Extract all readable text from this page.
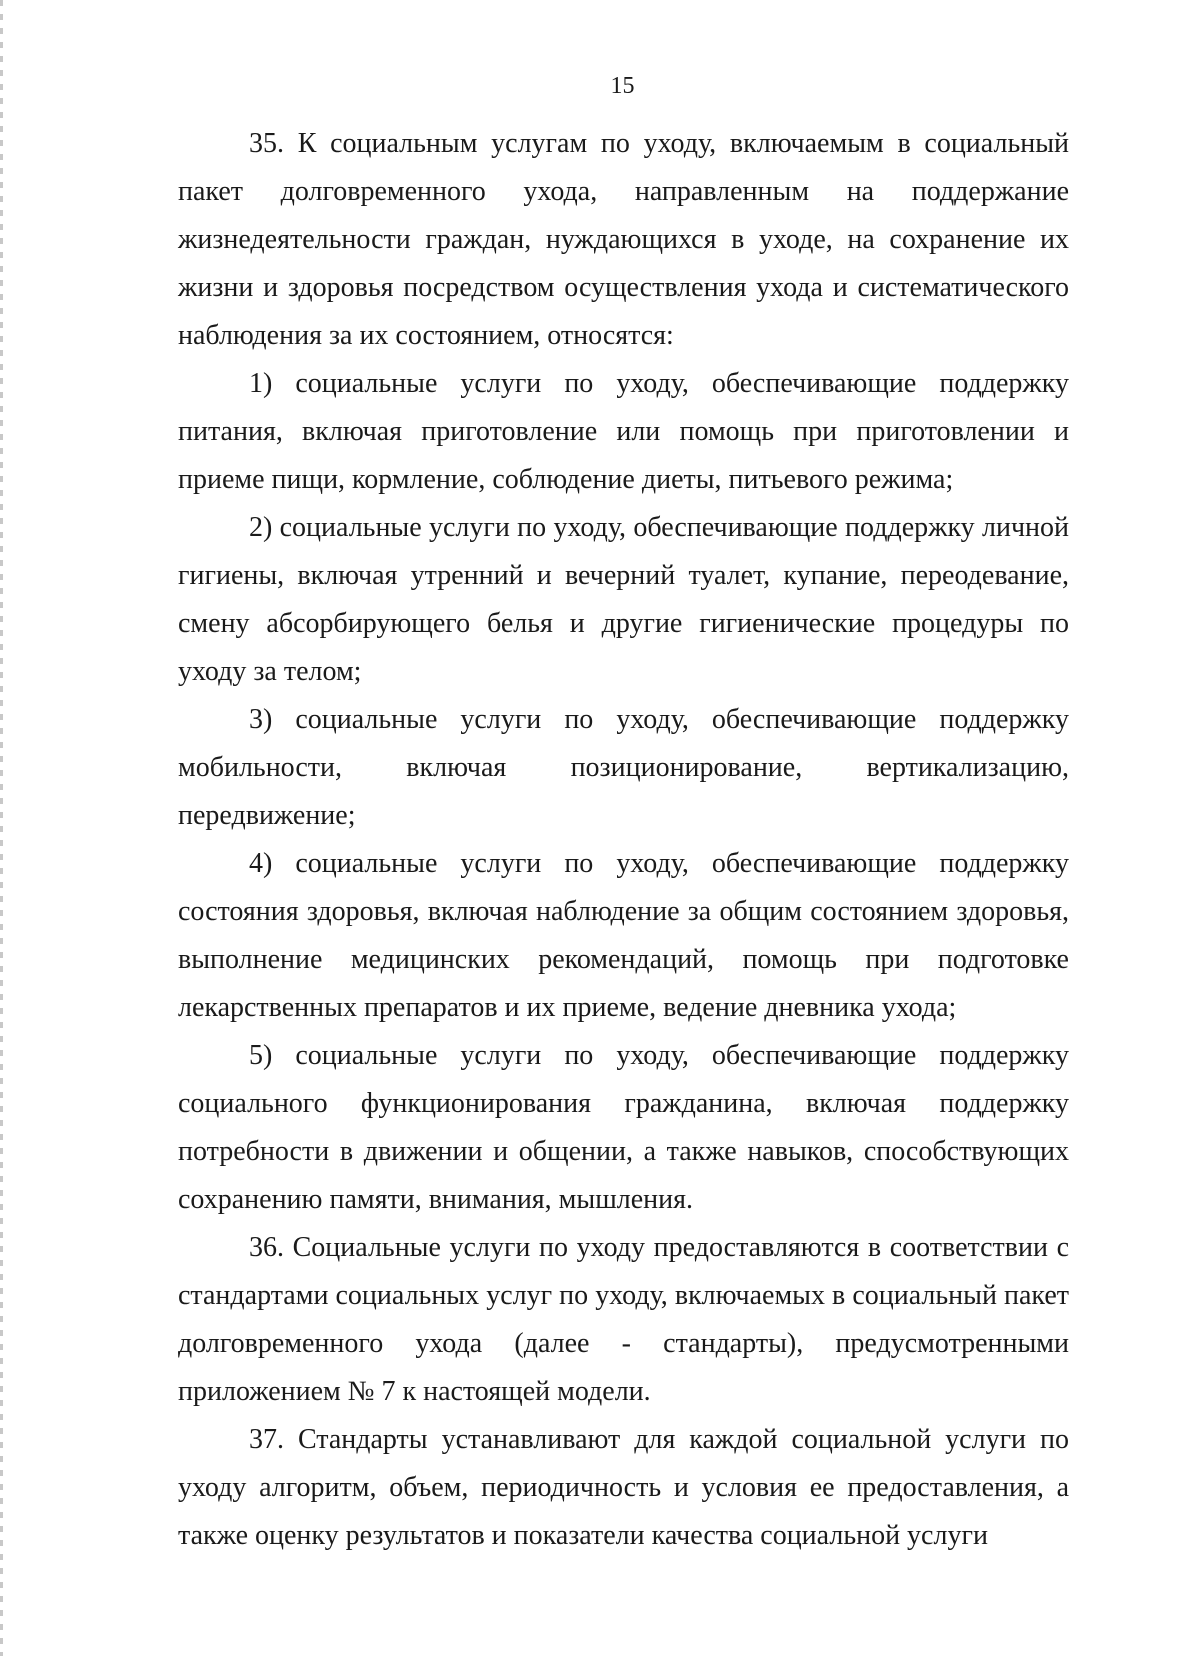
15

35. К социальным услугам по уходу, включаемым в социальный пакет долговременного ухода, направленным на поддержание жизнедеятельности граждан, нуждающихся в уходе, на сохранение их жизни и здоровья посредством осуществления ухода и систематического наблюдения за их состоянием, относятся:

1) социальные услуги по уходу, обеспечивающие поддержку питания, включая приготовление или помощь при приготовлении и приеме пищи, кормление, соблюдение диеты, питьевого режима;

2) социальные услуги по уходу, обеспечивающие поддержку личной гигиены, включая утренний и вечерний туалет, купание, переодевание, смену абсорбирующего белья и другие гигиенические процедуры по уходу за телом;

3) социальные услуги по уходу, обеспечивающие поддержку мобильности, включая позиционирование, вертикализацию, передвижение;

4) социальные услуги по уходу, обеспечивающие поддержку состояния здоровья, включая наблюдение за общим состоянием здоровья, выполнение медицинских рекомендаций, помощь при подготовке лекарственных препаратов и их приеме, ведение дневника ухода;

5) социальные услуги по уходу, обеспечивающие поддержку социального функционирования гражданина, включая поддержку потребности в движении и общении, а также навыков, способствующих сохранению памяти, внимания, мышления.

36. Социальные услуги по уходу предоставляются в соответствии с стандартами социальных услуг по уходу, включаемых в социальный пакет долговременного ухода (далее - стандарты), предусмотренными приложением № 7 к настоящей модели.

37. Стандарты устанавливают для каждой социальной услуги по уходу алгоритм, объем, периодичность и условия ее предоставления, а также оценку результатов и показатели качества социальной услуги
